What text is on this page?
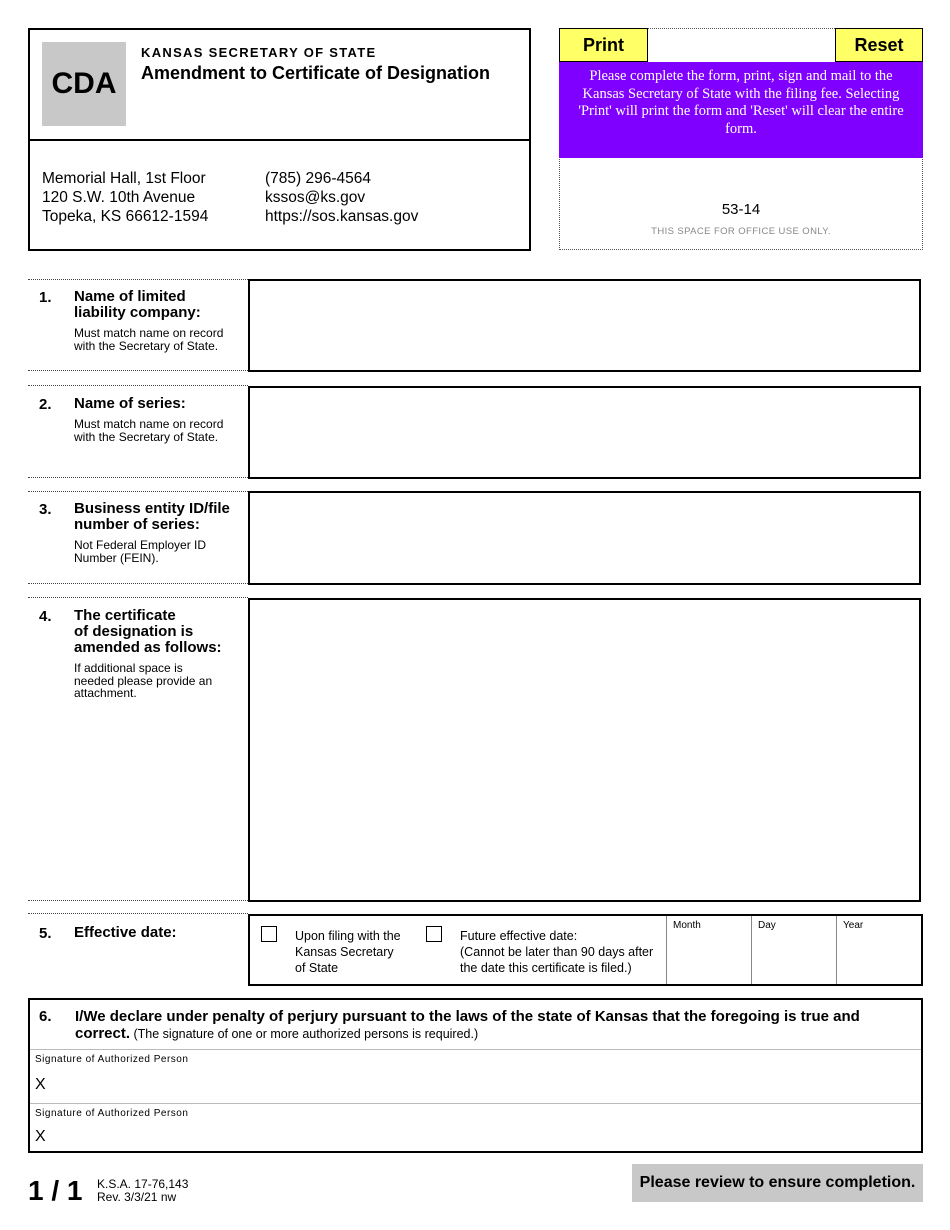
CDA
KANSAS SECRETARY OF STATE
Amendment to Certificate of Designation
Memorial Hall, 1st Floor
120 S.W. 10th Avenue
Topeka, KS 66612-1594
(785) 296-4564
kssos@ks.gov
https://sos.kansas.gov
Print	Reset
Please complete the form, print, sign and mail to the Kansas Secretary of State with the filing fee. Selecting 'Print' will print the form and 'Reset' will clear the entire form.
53-14
THIS SPACE FOR OFFICE USE ONLY.
1. Name of limited
liability company:
Must match name on record
with the Secretary of State.
2. Name of series:
Must match name on record
with the Secretary of State.
3. Business entity ID/file
number of series:
Not Federal Employer ID
Number (FEIN).
4. The certificate
of designation is
amended as follows:
If additional space is
needed please provide an
attachment.
5. Effective date:	Upon filing with the
Kansas Secretary
of State
Future effective date:
(Cannot be later than 90 days after
the date this certificate is filed.)
Month	Day	Year
6. I/We declare under penalty of perjury pursuant to the laws of the state of Kansas that the foregoing is true and
correct. (The signature of one or more authorized persons is required.)
Signature of Authorized Person
X
Signature of Authorized Person
X
1 / 1 K.S.A. 17-76,143
Rev. 3/3/21 nw
Please review to ensure completion.
